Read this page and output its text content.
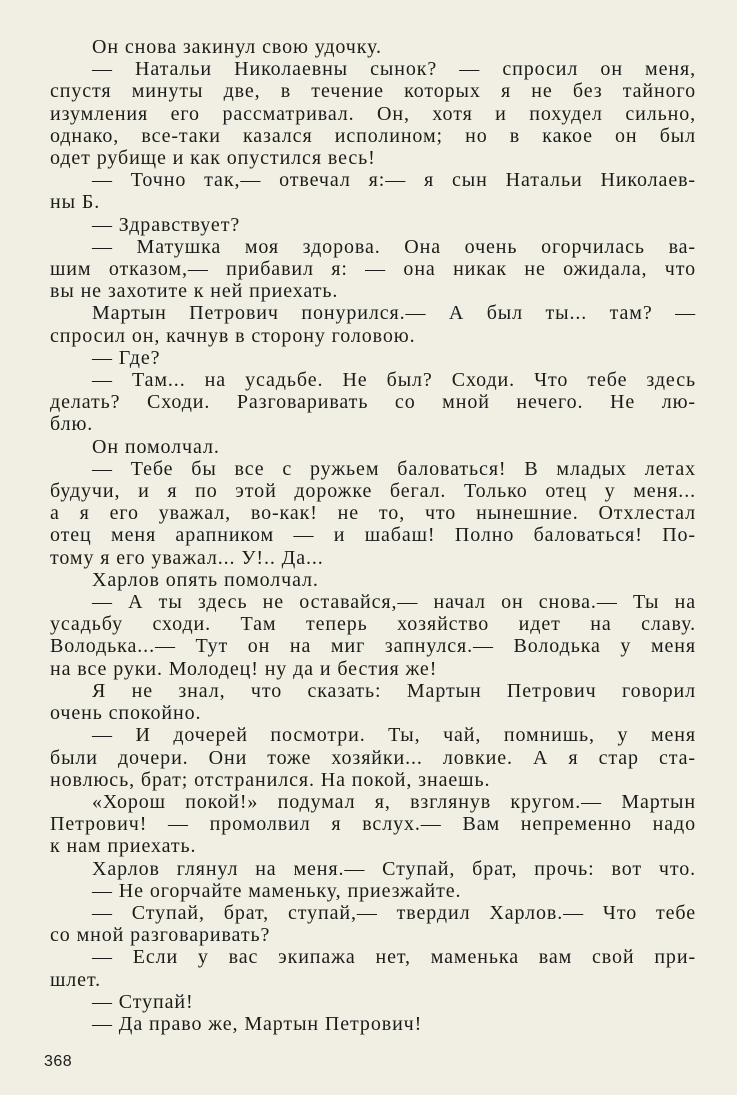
Он снова закинул свою удочку.
— Натальи Николаевны сынок? — спросил он меня,
спустя минуты две, в течение которых я не без тайного
изумления его рассматривал. Он, хотя и похудел сильно,
однако, все-таки казался исполином; но в какое он был
одет рубище и как опустился весь!
— Точно так,— отвечал я:— я сын Натальи Николаев-
ны Б.
— Здравствует?
— Матушка моя здорова. Она очень огорчилась ва-
шим отказом,— прибавил я: — она никак не ожидала, что
вы не захотите к ней приехать.
Мартын Петрович понурился.— А был ты... там? —
спросил он, качнув в сторону головою.
— Где?
— Там... на усадьбе. Не был? Сходи. Что тебе здесь
делать? Сходи. Разговаривать со мной нечего. Не лю-
блю.
Он помолчал.
— Тебе бы все с ружьем баловаться! В младых летах
будучи, и я по этой дорожке бегал. Только отец у меня...
а я его уважал, во-как! не то, что нынешние. Отхлестал
отец меня арапником — и шабаш! Полно баловаться! По-
тому я его уважал... У!.. Да...
Харлов опять помолчал.
— А ты здесь не оставайся,— начал он снова.— Ты на
усадьбу сходи. Там теперь хозяйство идет на славу.
Володька...— Тут он на миг запнулся.— Володька у меня
на все руки. Молодец! ну да и бестия же!
Я не знал, что сказать: Мартын Петрович говорил
очень спокойно.
— И дочерей посмотри. Ты, чай, помнишь, у меня
были дочери. Они тоже хозяйки... ловкие. А я стар ста-
новлюсь, брат; отстранился. На покой, знаешь.
«Хорош покой!» подумал я, взглянув кругом.— Мартын
Петрович! — промолвил я вслух.— Вам непременно надо
к нам приехать.
Харлов глянул на меня.— Ступай, брат, прочь: вот что.
— Не огорчайте маменьку, приезжайте.
— Ступай, брат, ступай,— твердил Харлов.— Что тебе
со мной разговаривать?
— Если у вас экипажа нет, маменька вам свой при-
шлет.
— Ступай!
— Да право же, Мартын Петрович!
368
